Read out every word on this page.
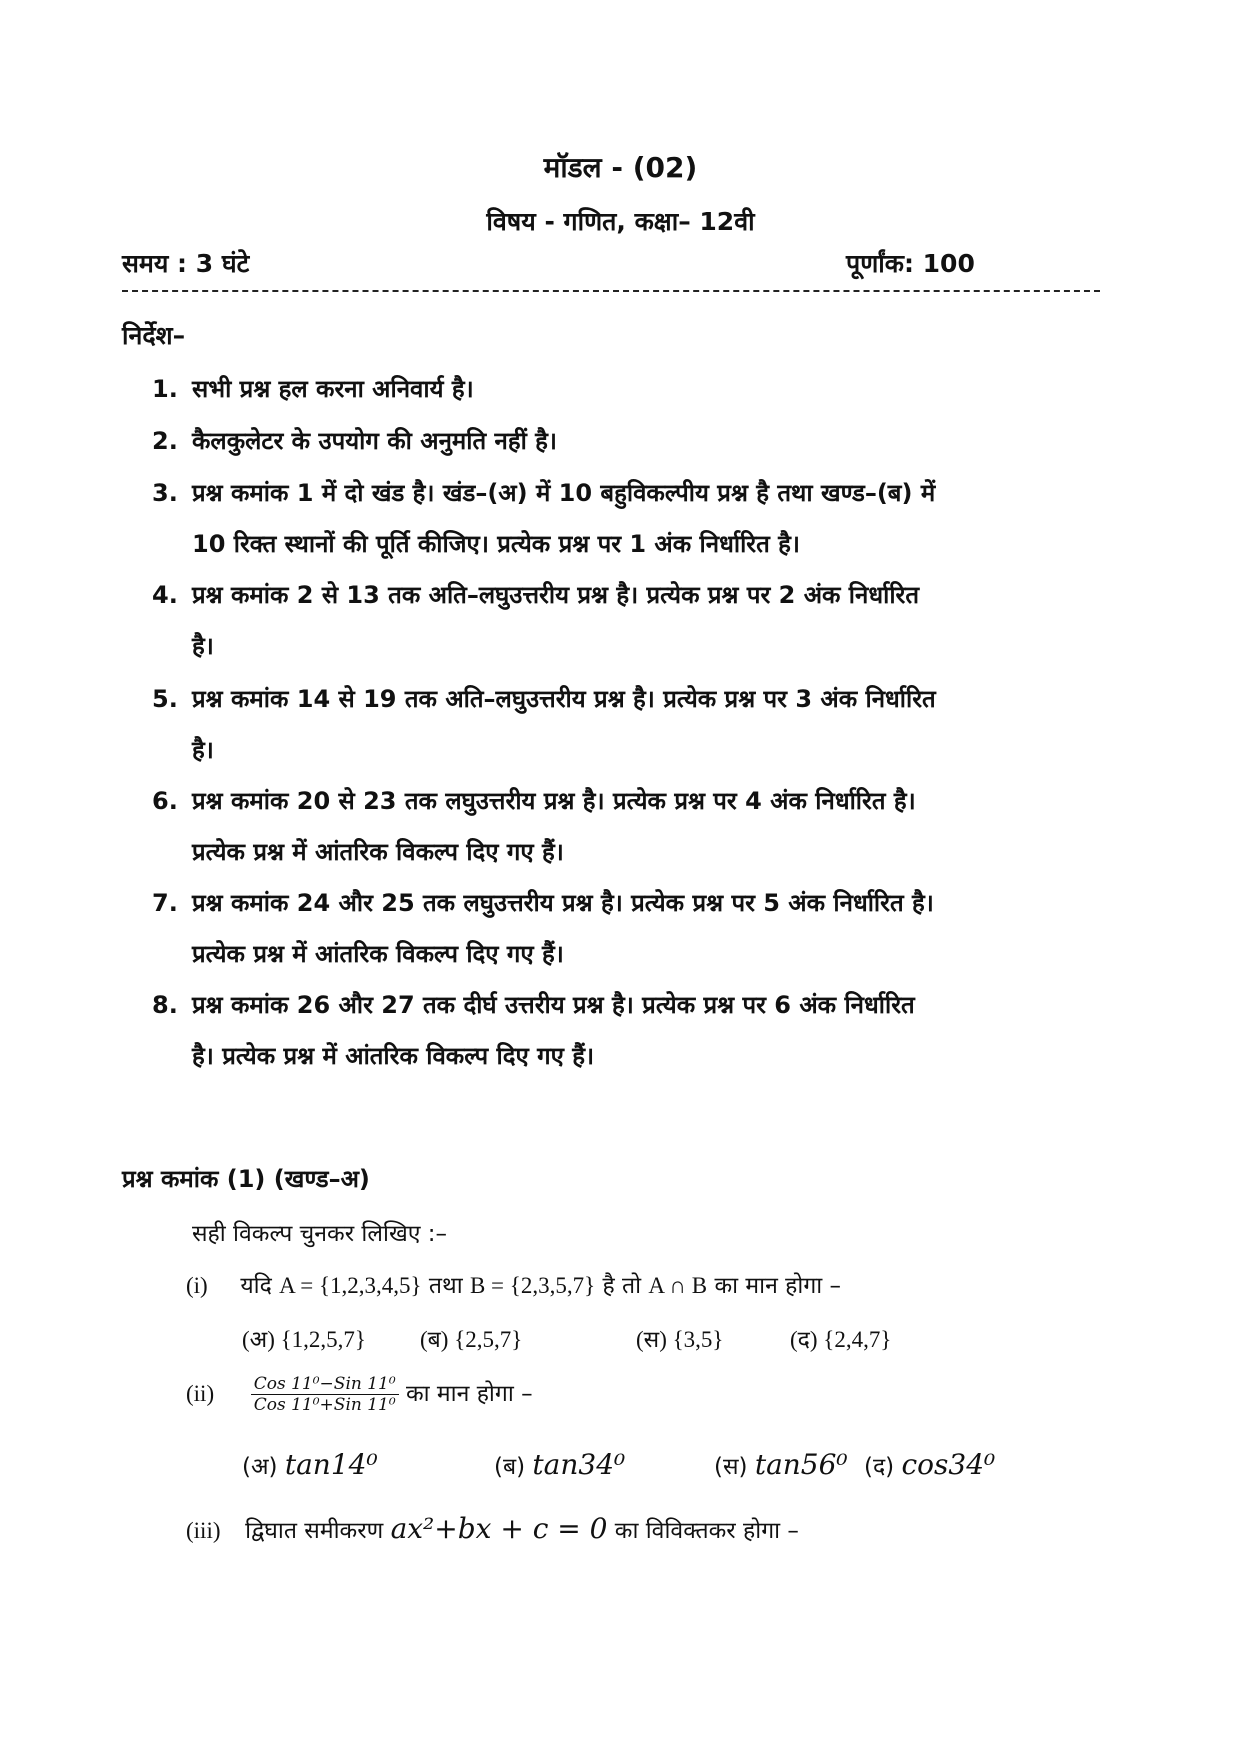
मॉडल - (02)
विषय - गणित, कक्षा– 12वी
समय : 3 घंटे	पूर्णांक: 100
निर्देश–
1. सभी प्रश्न हल करना अनिवार्य है।
2. कैलकुलेटर के उपयोग की अनुमति नहीं है।
3. प्रश्न कमांक 1 में दो खंड है। खंड–(अ) में 10 बहुविकल्पीय प्रश्न है तथा खण्ड–(ब) में
10 रिक्त स्थानों की पूर्ति कीजिए। प्रत्येक प्रश्न पर 1 अंक निर्धारित है।
4. प्रश्न कमांक 2 से 13 तक अति–लघुउत्तरीय प्रश्न है। प्रत्येक प्रश्न पर 2 अंक निर्धारित
है।
5. प्रश्न कमांक 14 से 19 तक अति–लघुउत्तरीय प्रश्न है। प्रत्येक प्रश्न पर 3 अंक निर्धारित
है।
6. प्रश्न कमांक 20 से 23 तक लघुउत्तरीय प्रश्न है। प्रत्येक प्रश्न पर 4 अंक निर्धारित है।
प्रत्येक प्रश्न में आंतरिक विकल्प दिए गए हैं।
7. प्रश्न कमांक 24 और 25 तक लघुउत्तरीय प्रश्न है। प्रत्येक प्रश्न पर 5 अंक निर्धारित है।
प्रत्येक प्रश्न में आंतरिक विकल्प दिए गए हैं।
8. प्रश्न कमांक 26 और 27 तक दीर्घ उत्तरीय प्रश्न है। प्रत्येक प्रश्न पर 6 अंक निर्धारित
है। प्रत्येक प्रश्न में आंतरिक विकल्प दिए गए हैं।
प्रश्न कमांक (1) (खण्ड–अ)
सही विकल्प चुनकर लिखिए :–
(i) यदि A = {1,2,3,4,5} तथा B = {2,3,5,7} है तो A ∩ B का मान होगा –
(अ) {1,2,5,7} (ब) {2,5,7}	(स) {3,5}	(द) {2,4,7}
$(ii) \frac{\text{Cos 11⁰−Sin 11⁰}}{\text{Cos 11⁰+Sin 11⁰}}$ का मान होगा –
(अ) tan14⁰	(ब) tan34⁰	(स) tan56⁰ (द) cos34⁰
(iii) द्विघात समीकरण ax²+bx + c = 0 का विविक्तकर होगा –
